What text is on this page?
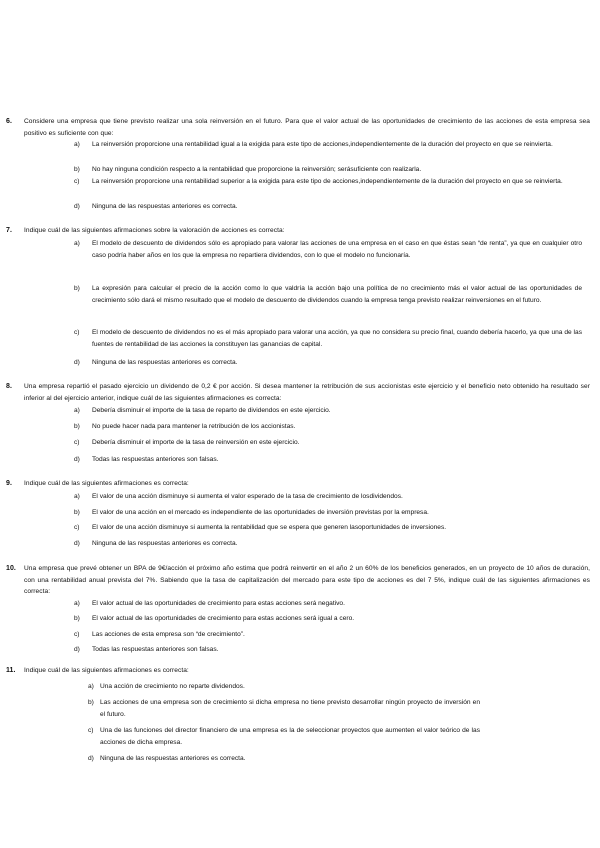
6. Considere una empresa que tiene previsto realizar una sola reinversión en el futuro. Para que el valor actual de las oportunidades de crecimiento de las acciones de esta empresa sea positivo es suficiente con que:
a) La reinversión proporcione una rentabilidad igual a la exigida para este tipo de acciones,independientemente de la duración del proyecto en que se reinvierta.
b) No hay ninguna condición respecto a la rentabilidad que proporcione la reinversión; serásuficiente con realizarla.
c) La reinversión proporcione una rentabilidad superior a la exigida para este tipo de acciones,independientemente de la duración del proyecto en que se reinvierta.
d) Ninguna de las respuestas anteriores es correcta.
7. Indique cuál de las siguientes afirmaciones sobre la valoración de acciones es correcta:
a) El modelo de descuento de dividendos sólo es apropiado para valorar las acciones de una empresa en el caso en que éstas sean “de renta”, ya que en cualquier otro caso podría haber años en los que la empresa no repartiera dividendos, con lo que el modelo no funcionaría.
b) La expresión para calcular el precio de la acción como lo que valdría la acción bajo una política de no crecimiento más el valor actual de las oportunidades de crecimiento sólo dará el mismo resultado que el modelo de descuento de dividendos cuando la empresa tenga previsto realizar reinversiones en el futuro.
c) El modelo de descuento de dividendos no es el más apropiado para valorar una acción, ya que no considera su precio final, cuando debería hacerlo, ya que una de las fuentes de rentabilidad de las acciones la constituyen las ganancias de capital.
d) Ninguna de las respuestas anteriores es correcta.
8. Una empresa repartió el pasado ejercicio un dividendo de 0,2 € por acción. Si desea mantener la retribución de sus accionistas este ejercicio y el beneficio neto obtenido ha resultado ser inferior al del ejercicio anterior, indique cuál de las siguientes afirmaciones es correcta:
a) Debería disminuir el importe de la tasa de reparto de dividendos en este ejercicio.
b) No puede hacer nada para mantener la retribución de los accionistas.
c) Debería disminuir el importe de la tasa de reinversión en este ejercicio.
d) Todas las respuestas anteriores son falsas.
9. Indique cuál de las siguientes afirmaciones es correcta:
a) El valor de una acción disminuye si aumenta el valor esperado de la tasa de crecimiento de losdividendos.
b) El valor de una acción en el mercado es independiente de las oportunidades de inversión previstas por la empresa.
c) El valor de una acción disminuye si aumenta la rentabilidad que se espera que generen lasoportunidades de inversiones.
d) Ninguna de las respuestas anteriores es correcta.
10. Una empresa que prevé obtener un BPA de 9€/acción el próximo año estima que podrá reinvertir en el año 2 un 60% de los beneficios generados, en un proyecto de 10 años de duración, con una rentabilidad anual prevista del 7%. Sabiendo que la tasa de capitalización del mercado para este tipo de acciones es del 7 5%, indique cuál de las siguientes afirmaciones es correcta:
a) El valor actual de las oportunidades de crecimiento para estas acciones será negativo.
b) El valor actual de las oportunidades de crecimiento para estas acciones será igual a cero.
c) Las acciones de esta empresa son “de crecimiento”.
d) Todas las respuestas anteriores son falsas.
11. Indique cuál de las siguientes afirmaciones es correcta:
a) Una acción de crecimiento no reparte dividendos.
b) Las acciones de una empresa son de crecimiento si dicha empresa no tiene previsto desarrollar ningún proyecto de inversión en el futuro.
c) Una de las funciones del director financiero de una empresa es la de seleccionar proyectos que aumenten el valor teórico de las acciones de dicha empresa.
d) Ninguna de las respuestas anteriores es correcta.
